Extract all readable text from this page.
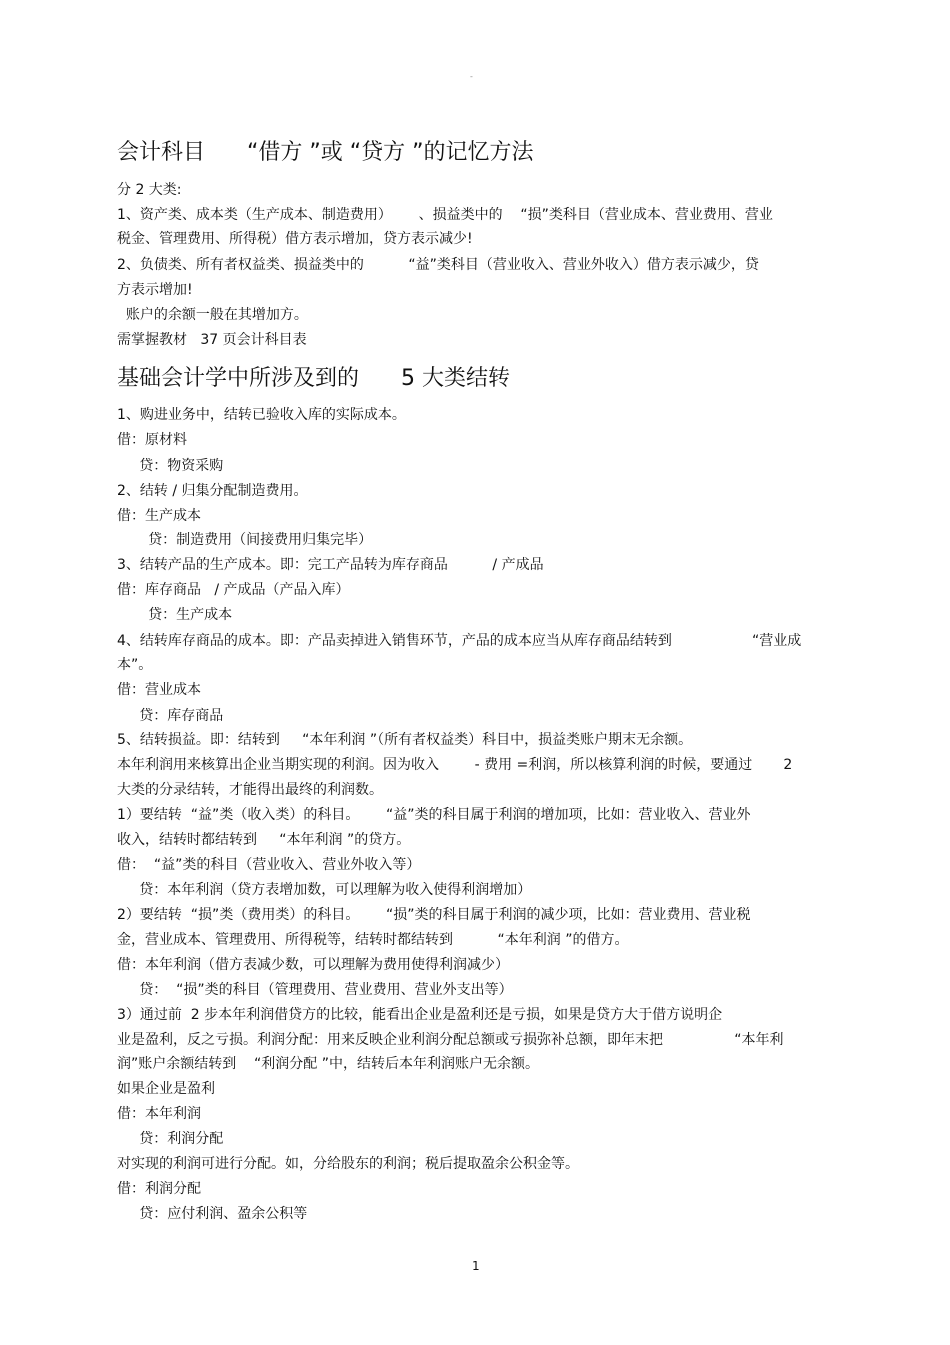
-
会计科目      “借方 ”或 “贷方 ”的记忆方法
分 2 大类:
1、资产类、成本类（生产成本、制造费用）      、损益类中的    “损”类科目（营业成本、营业费用、营业
税金、管理费用、所得税）借方表示增加，贷方表示减少!
2、负债类、所有者权益类、损益类中的          “益”类科目（营业收入、营业外收入）借方表示减少，贷
方表示增加!
账户的余额一般在其增加方。
需掌握教材   37 页会计科目表
基础会计学中所涉及到的      5 大类结转
1、购进业务中，结转已验收入库的实际成本。
借：原材料
贷：物资采购
2、结转 / 归集分配制造费用。
借：生产成本
贷：制造费用（间接费用归集完毕）
3、结转产品的生产成本。即：完工产品转为库存商品          / 产成品
借：库存商品   / 产成品（产品入库）
贷：生产成本
4、结转库存商品的成本。即：产品卖掉进入销售环节，产品的成本应当从库存商品结转到                  “营业成
本”。
借：营业成本
贷：库存商品
5、结转损益。即：结转到     “本年利润 ”（所有者权益类）科目中，损益类账户期末无余额。
本年利润用来核算出企业当期实现的利润。因为收入        - 费用 =利润，所以核算利润的时候，要通过       2
大类的分录结转，才能得出最终的利润数。
1）要结转  “益”类（收入类）的科目。      “益”类的科目属于利润的增加项，比如：营业收入、营业外
收入，结转时都结转到     “本年利润 ”的贷方。
借：  “益”类的科目（营业收入、营业外收入等）
贷：本年利润（贷方表增加数，可以理解为收入使得利润增加）
2）要结转  “损”类（费用类）的科目。      “损”类的科目属于利润的减少项，比如：营业费用、营业税
金，营业成本、管理费用、所得税等，结转时都结转到          “本年利润 ”的借方。
借：本年利润（借方表减少数，可以理解为费用使得利润减少）
贷：  “损”类的科目（管理费用、营业费用、营业外支出等）
3）通过前  2 步本年利润借贷方的比较，能看出企业是盈利还是亏损，如果是贷方大于借方说明企
业是盈利，反之亏损。利润分配：用来反映企业利润分配总额或亏损弥补总额，即年末把                “本年利
润”账户余额结转到    “利润分配 ”中，结转后本年利润账户无余额。
如果企业是盈利
借：本年利润
贷：利润分配
对实现的利润可进行分配。如，分给股东的利润；税后提取盈余公积金等。
借：利润分配
贷：应付利润、盈余公积等
1
